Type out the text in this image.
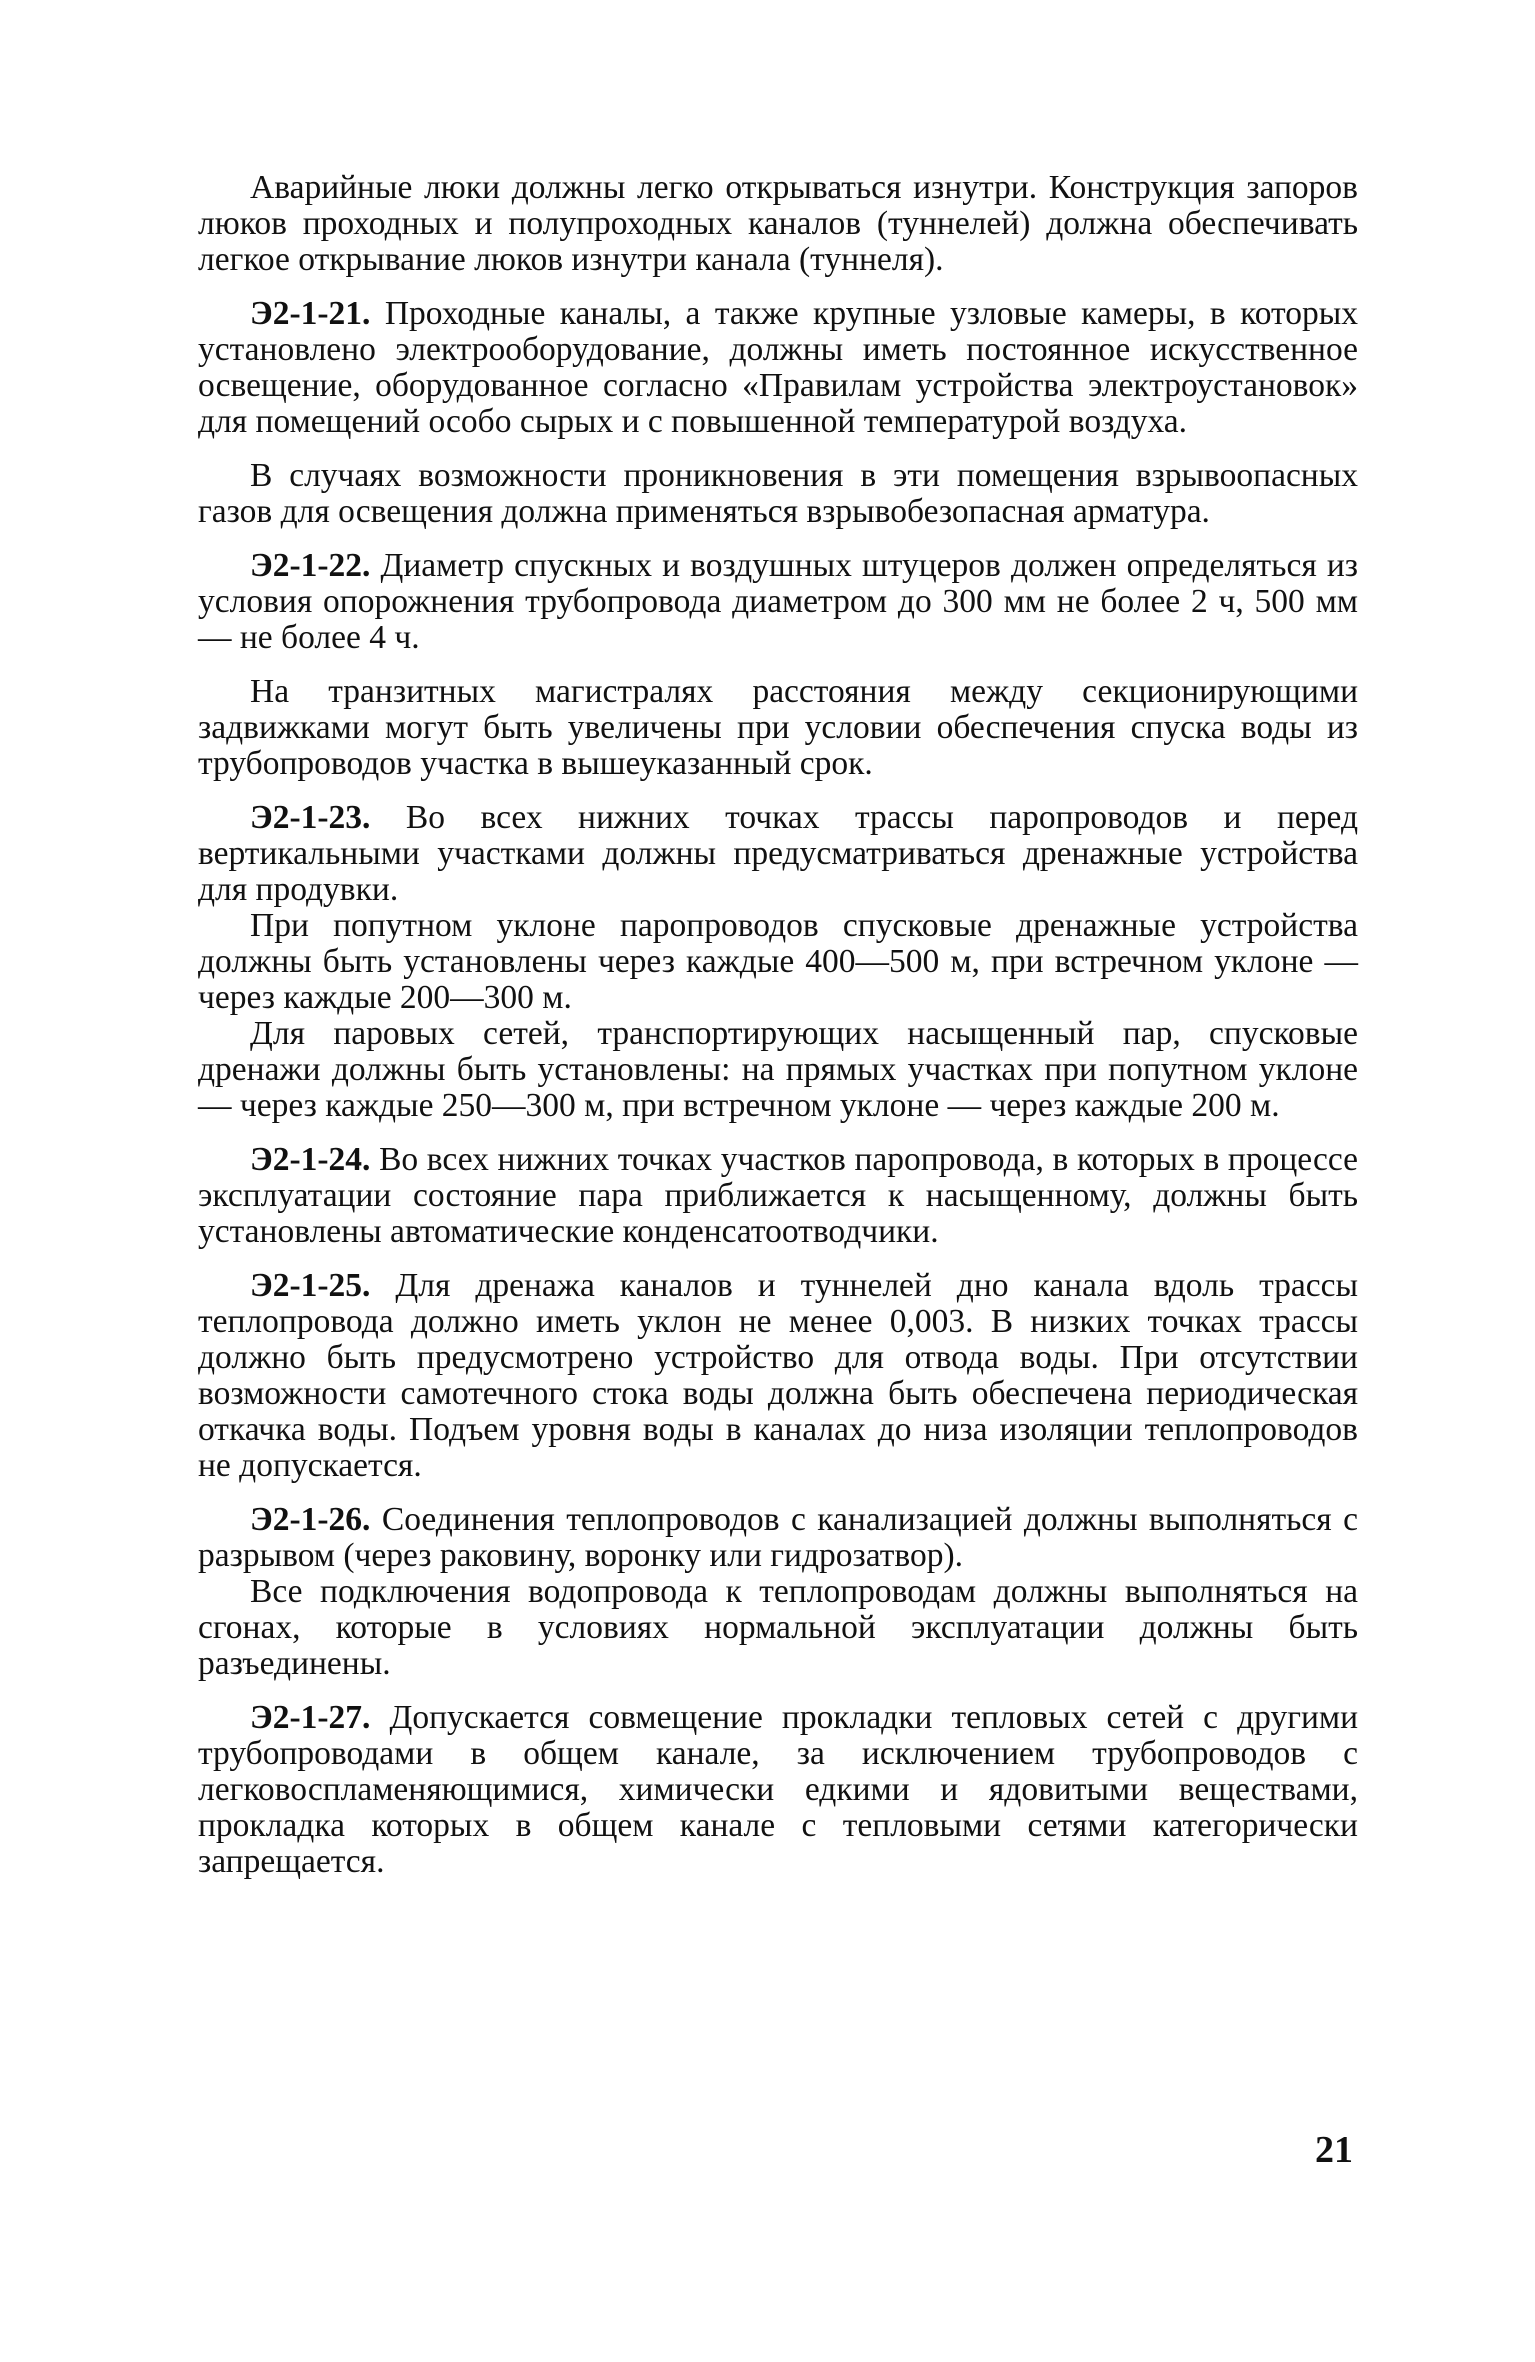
Аварийные люки должны легко открываться изнутри. Конструкция запоров люков проходных и полупроходных каналов (туннелей) должна обеспечивать легкое открывание люков изнутри канала (туннеля).

Э2-1-21. Проходные каналы, а также крупные узловые камеры, в которых установлено электрооборудование, должны иметь постоянное искусственное освещение, оборудованное согласно «Правилам устройства электроустановок» для помещений особо сырых и с повышенной температурой воздуха.

В случаях возможности проникновения в эти помещения взрывоопасных газов для освещения должна применяться взрывобезопасная арматура.

Э2-1-22. Диаметр спускных и воздушных штуцеров должен определяться из условия опорожнения трубопровода диаметром до 300 мм не более 2 ч, 500 мм — не более 4 ч.

На транзитных магистралях расстояния между секционирующими задвижками могут быть увеличены при условии обеспечения спуска воды из трубопроводов участка в вышеуказанный срок.

Э2-1-23. Во всех нижних точках трассы паропроводов и перед вертикальными участками должны предусматриваться дренажные устройства для продувки.

При попутном уклоне паропроводов спусковые дренажные устройства должны быть установлены через каждые 400—500 м, при встречном уклоне — через каждые 200—300 м.

Для паровых сетей, транспортирующих насыщенный пар, спусковые дренажи должны быть установлены: на прямых участках при попутном уклоне — через каждые 250—300 м, при встречном уклоне — через каждые 200 м.

Э2-1-24. Во всех нижних точках участков паропровода, в которых в процессе эксплуатации состояние пара приближается к насыщенному, должны быть установлены автоматические конденсатоотводчики.

Э2-1-25. Для дренажа каналов и туннелей дно канала вдоль трассы теплопровода должно иметь уклон не менее 0,003. В низких точках трассы должно быть предусмотрено устройство для отвода воды. При отсутствии возможности самотечного стока воды должна быть обеспечена периодическая откачка воды. Подъем уровня воды в каналах до низа изоляции теплопроводов не допускается.

Э2-1-26. Соединения теплопроводов с канализацией должны выполняться с разрывом (через раковину, воронку или гидрозатвор).

Все подключения водопровода к теплопроводам должны выполняться на сгонах, которые в условиях нормальной эксплуатации должны быть разъединены.

Э2-1-27. Допускается совмещение прокладки тепловых сетей с другими трубопроводами в общем канале, за исключением трубопроводов с легковоспламеняющимися, химически едкими и ядовитыми веществами, прокладка которых в общем канале с тепловыми сетями категорически запрещается.

21
